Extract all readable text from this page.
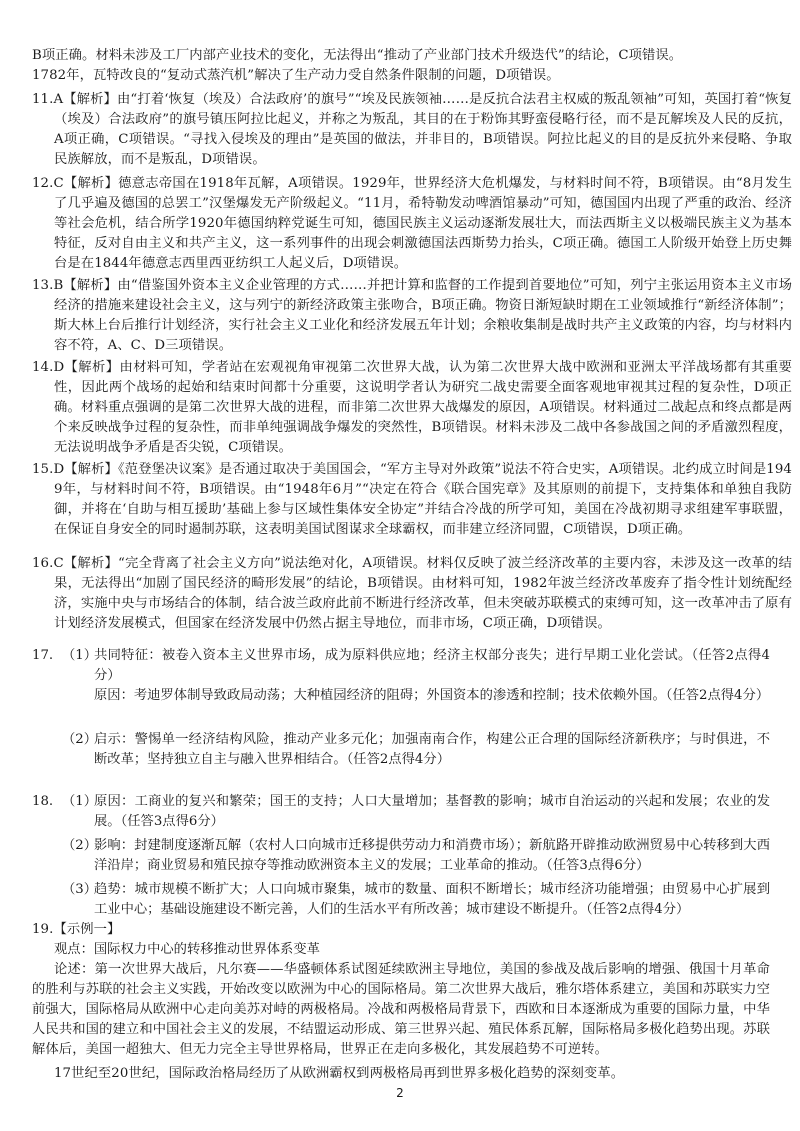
B项正确。材料未涉及工厂内部产业技术的变化，无法得出“推动了产业部门技术升级迭代”的结论，C项错误。

1782年，瓦特改良的“复动式蒸汽机”解决了生产动力受自然条件限制的问题，D项错误。

11.A【解析】由“打着‘恢复（埃及）合法政府’的旗号”“埃及民族领袖……是反抗合法君主权威的叛乱领袖”可知，英国打着“恢复（埃及）合法政府”的旗号镇压阿拉比起义，并称之为叛乱，其目的在于粉饰其野蛮侵略行径，而不是瓦解埃及人民的反抗，A项正确，C项错误。“寻找入侵埃及的理由”是英国的做法，并非目的，B项错误。阿拉比起义的目的是反抗外来侵略、争取民族解放，而不是叛乱，D项错误。

12.C【解析】德意志帝国在1918年瓦解，A项错误。1929年，世界经济大危机爆发，与材料时间不符，B项错误。由“8月发生了几乎遍及德国的总罢工”汉堡爆发无产阶级起义。“11月，希特勒发动啤酒馆暴动”可知，德国国内出现了严重的政治、经济等社会危机，结合所学1920年德国纳粹党诞生可知，德国民族主义运动逐渐发展壮大，而法西斯主义以极端民族主义为基本特征，反对自由主义和共产主义，这一系列事件的出现会刺激德国法西斯势力抬头，C项正确。德国工人阶级开始登上历史舞台是在1844年德意志西里西亚纺织工人起义后，D项错误。

13.B【解析】由“借鉴国外资本主义企业管理的方式……并把计算和监督的工作提到首要地位”可知，列宁主张运用资本主义市场经济的措施来建设社会主义，这与列宁的新经济政策主张吻合，B项正确。物资日渐短缺时期在工业领域推行“新经济体制”；斯大林上台后推行计划经济，实行社会主义工业化和经济发展五年计划；余粮收集制是战时共产主义政策的内容，均与材料内容不符，A、C、D三项错误。

14.D【解析】由材料可知，学者站在宏观视角审视第二次世界大战，认为第二次世界大战中欧洲和亚洲太平洋战场都有其重要性，因此两个战场的起始和结束时间都十分重要，这说明学者认为研究二战史需要全面客观地审视其过程的复杂性，D项正确。材料重点强调的是第二次世界大战的进程，而非第二次世界大战爆发的原因，A项错误。材料通过二战起点和终点都是两个来反映战争过程的复杂性，而非单纯强调战争爆发的突然性，B项错误。材料未涉及二战中各参战国之间的矛盾激烈程度，无法说明战争矛盾是否尖锐，C项错误。

15.D【解析】《范登堡决议案》是否通过取决于美国国会，“军方主导对外政策”说法不符合史实，A项错误。北约成立时间是1949年，与材料时间不符，B项错误。由“1948年6月”“决定在符合《联合国宪章》及其原则的前提下，支持集体和单独自我防御，并将在‘自助与相互援助’基础上参与区域性集体安全协定”并结合冷战的所学可知，美国在冷战初期寻求组建军事联盟，在保证自身安全的同时遏制苏联，这表明美国试图谋求全球霸权，而非建立经济同盟，C项错误，D项正确。

16.C【解析】“完全背离了社会主义方向”说法绝对化，A项错误。材料仅反映了波兰经济改革的主要内容，未涉及这一改革的结果，无法得出“加剧了国民经济的畸形发展”的结论，B项错误。由材料可知，1982年波兰经济改革废弃了指令性计划统配经济，实施中央与市场结合的体制，结合波兰政府此前不断进行经济改革，但未突破苏联模式的束缚可知，这一改革冲击了原有计划经济发展模式，但国家在经济发展中仍然占据主导地位，而非市场，C项正确，D项错误。

17. （1）
共同特征：被卷入资本主义世界市场，成为原料供应地；经济主权部分丧失；进行早期工业化尝试。（任答2点得4分）

原因：考迪罗体制导致政局动荡；大种植园经济的阻碍；外国资本的渗透和控制；技术依赖外国。（任答2点得4分）

（2）
启示：警惕单一经济结构风险，推动产业多元化；加强南南合作，构建公正合理的国际经济新秩序；与时俱进，不断改革；坚持独立自主与融入世界相结合。（任答2点得4分）
18. （1）
原因：工商业的复兴和繁荣；国王的支持；人口大量增加；基督教的影响；城市自治运动的兴起和发展；农业的发展。（任答3点得6分）
（2）
影响：封建制度逐渐瓦解（农村人口向城市迁移提供劳动力和消费市场）；新航路开辟推动欧洲贸易中心转移到大西洋沿岸；商业贸易和殖民掠夺等推动欧洲资本主义的发展；工业革命的推动。（任答3点得6分）
（3）
趋势：城市规模不断扩大；人口向城市聚集，城市的数量、面积不断增长；城市经济功能增强；由贸易中心扩展到工业中心；基础设施建设不断完善，人们的生活水平有所改善；城市建设不断提升。（任答2点得4分）

19.【示例一】

观点：国际权力中心的转移推动世界体系变革

论述：第一次世界大战后，凡尔赛——华盛顿体系试图延续欧洲主导地位，美国的参战及战后影响的增强、俄国十月革命的胜利与苏联的社会主义实践，开始改变以欧洲为中心的国际格局。第二次世界大战后，雅尔塔体系建立，美国和苏联实力空前强大，国际格局从欧洲中心走向美苏对峙的两极格局。冷战和两极格局背景下，西欧和日本逐渐成为重要的国际力量，中华人民共和国的建立和中国社会主义的发展，不结盟运动形成、第三世界兴起、殖民体系瓦解，国际格局多极化趋势出现。苏联解体后，美国一超独大、但无力完全主导世界格局，世界正在走向多极化，其发展趋势不可逆转。

17世纪至20世纪，国际政治格局经历了从欧洲霸权到两极格局再到世界多极化趋势的深刻变革。

2
